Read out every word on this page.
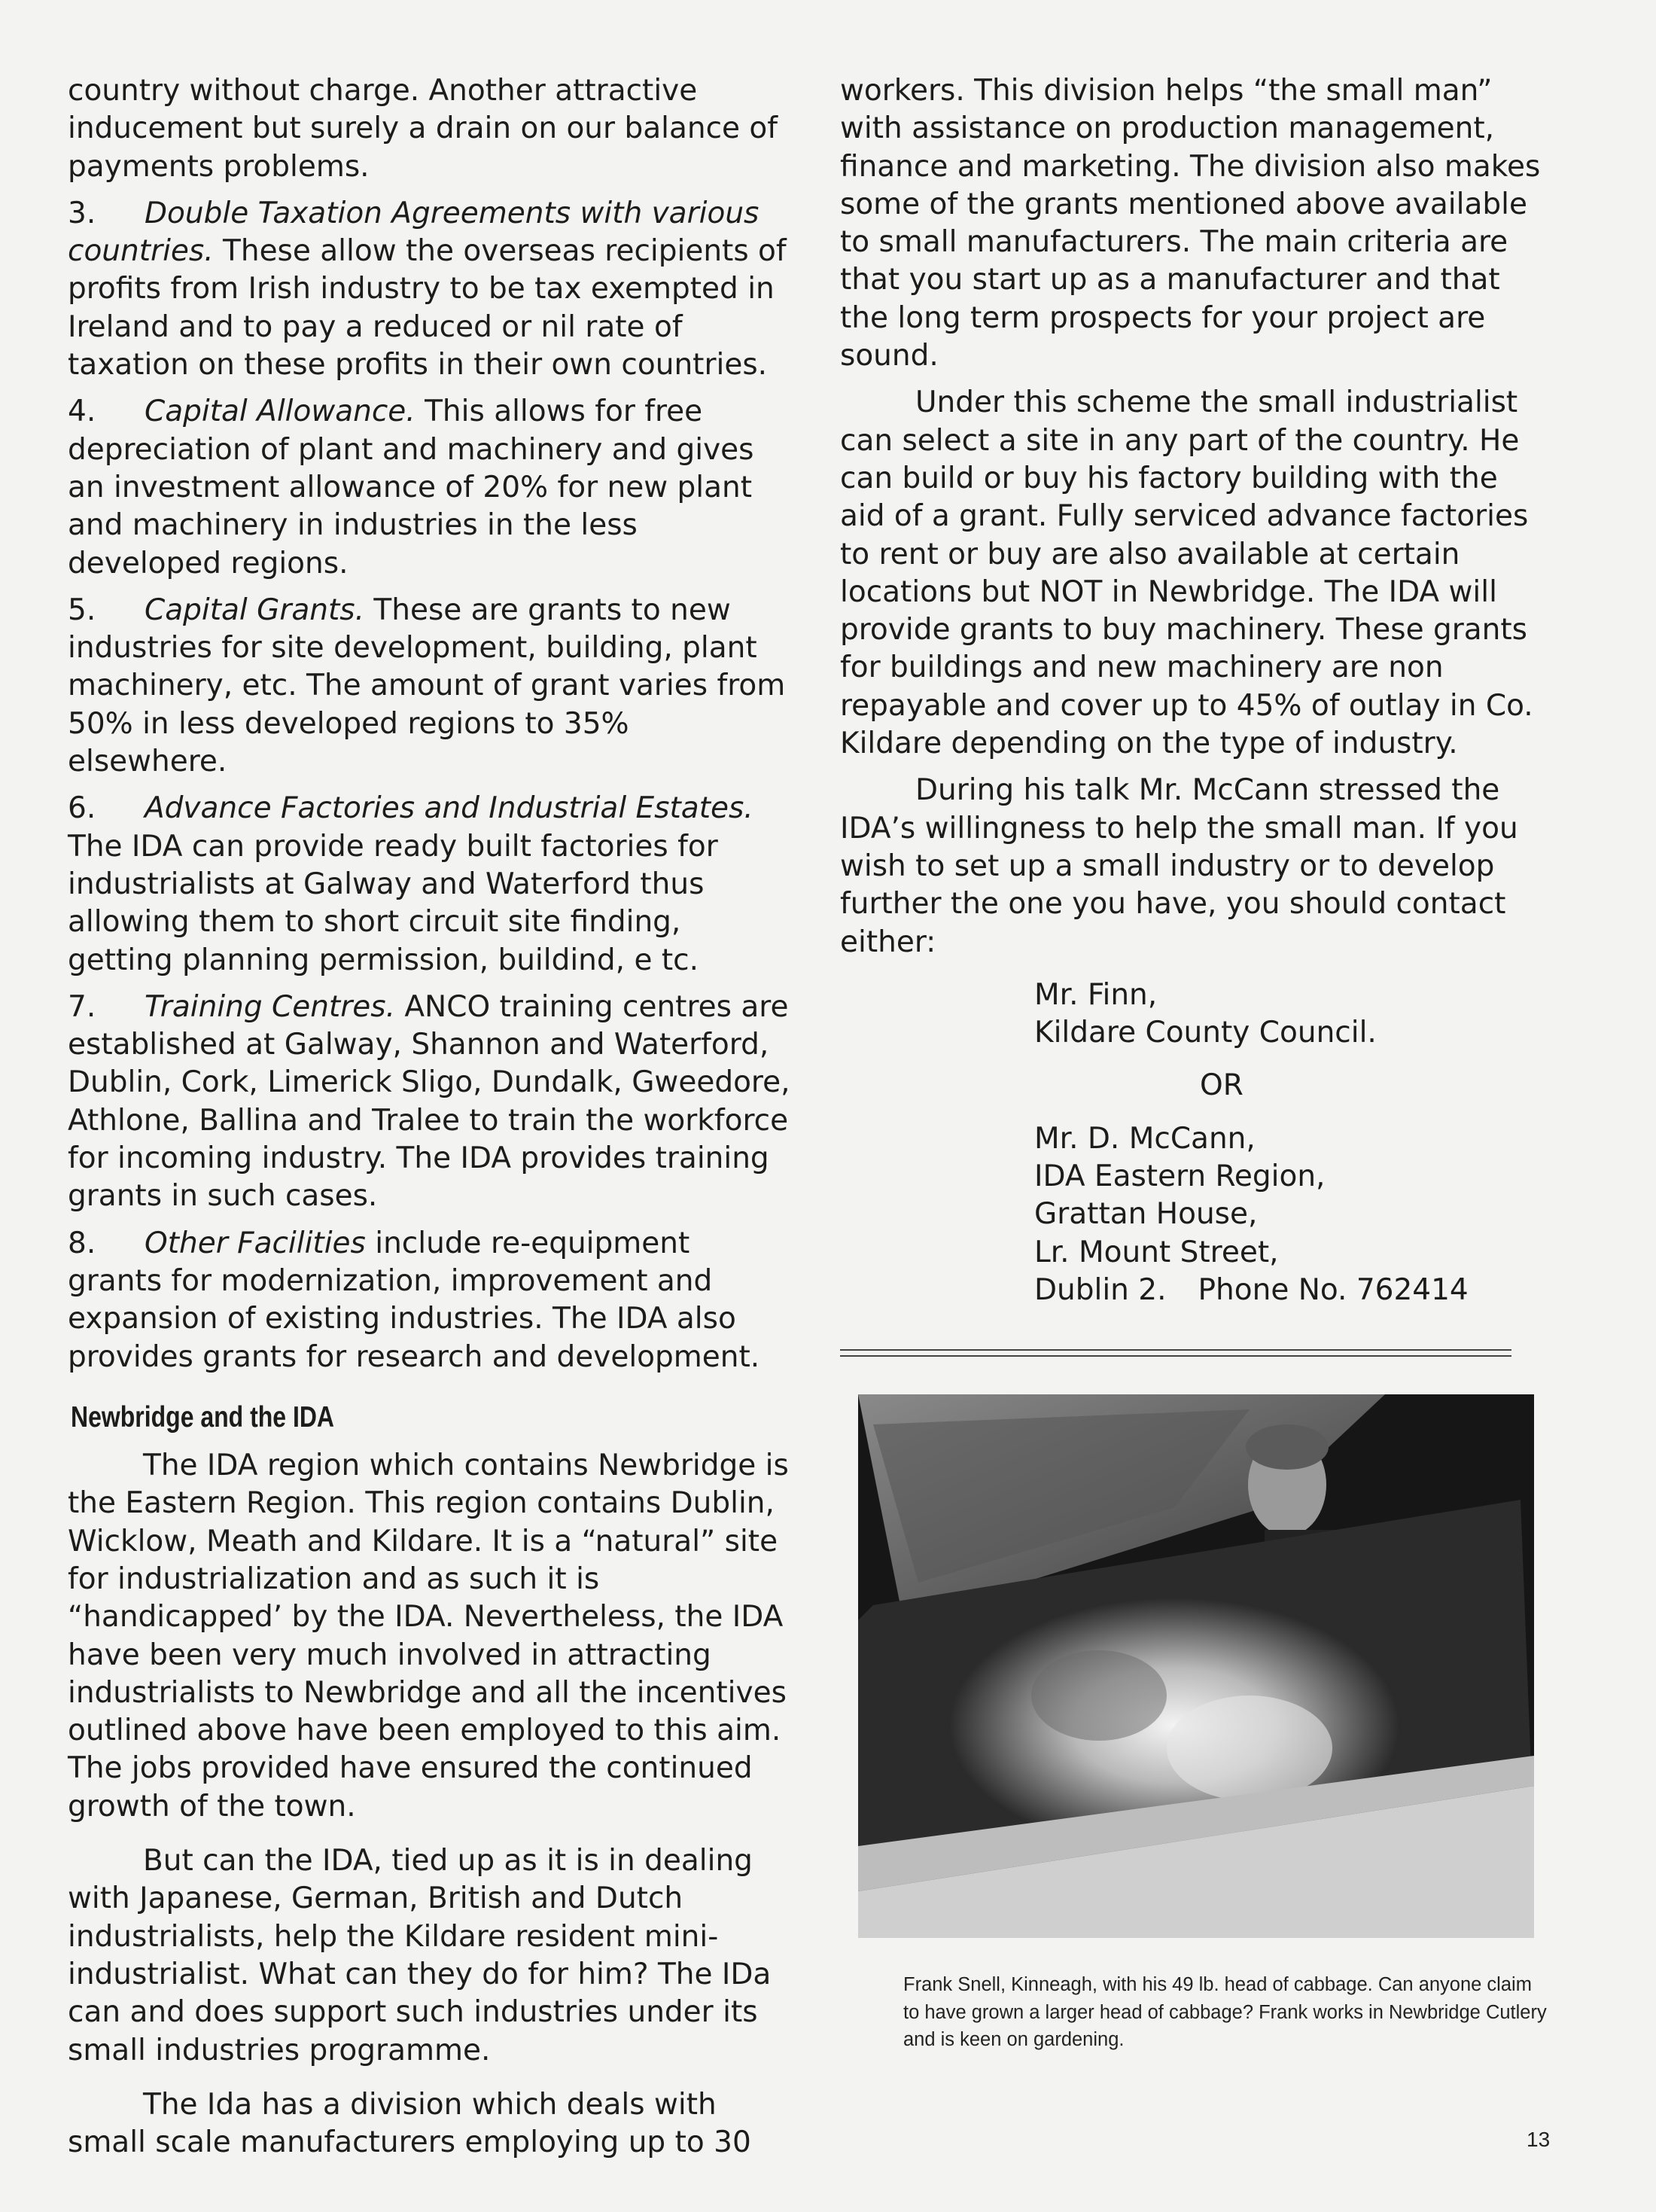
country without charge. Another attractive inducement but surely a drain on our balance of payments problems.

3. Double Taxation Agreements with various countries. These allow the overseas recipients of profits from Irish industry to be tax exempted in Ireland and to pay a reduced or nil rate of taxation on these profits in their own countries.

4. Capital Allowance. This allows for free depreciation of plant and machinery and gives an investment allowance of 20% for new plant and machinery in industries in the less developed regions.

5. Capital Grants. These are grants to new industries for site development, building, plant machinery, etc. The amount of grant varies from 50% in less developed regions to 35% elsewhere.

6. Advance Factories and Industrial Estates. The IDA can provide ready built factories for industrialists at Galway and Waterford thus allowing them to short circuit site finding, getting planning permission, buildind, e tc.

7. Training Centres. ANCO training centres are established at Galway, Shannon and Waterford, Dublin, Cork, Limerick Sligo, Dundalk, Gweedore, Athlone, Ballina and Tralee to train the workforce for incoming industry. The IDA provides training grants in such cases.

8. Other Facilities include re-equipment grants for modernization, improvement and expansion of existing industries. The IDA also provides grants for research and development.

Newbridge and the IDA

The IDA region which contains Newbridge is the Eastern Region. This region contains Dublin, Wicklow, Meath and Kildare. It is a “natural” site for industrialization and as such it is “handicapped’ by the IDA. Nevertheless, the IDA have been very much involved in attracting industrialists to Newbridge and all the incentives outlined above have been employed to this aim. The jobs provided have ensured the continued growth of the town.

But can the IDA, tied up as it is in dealing with Japanese, German, British and Dutch industrialists, help the Kildare resident mini-industrialist. What can they do for him? The IDa can and does support such industries under its small industries programme.

The Ida has a division which deals with small scale manufacturers employing up to 30

workers. This division helps “the small man” with assistance on production management, finance and marketing. The division also makes some of the grants mentioned above available to small manufacturers. The main criteria are that you start up as a manufacturer and that the long term prospects for your project are sound.

Under this scheme the small industrialist can select a site in any part of the country. He can build or buy his factory building with the aid of a grant. Fully serviced advance factories to rent or buy are also available at certain locations but NOT in Newbridge. The IDA will provide grants to buy machinery. These grants for buildings and new machinery are non repayable and cover up to 45% of outlay in Co. Kildare depending on the type of industry.

During his talk Mr. McCann stressed the IDA’s willingness to help the small man. If you wish to set up a small industry or to develop further the one you have, you should contact either:

Mr. Finn,
Kildare County Council.
OR
Mr. D. McCann,
IDA Eastern Region,
Grattan House,
Lr. Mount Street,
Dublin 2. Phone No. 762414
Frank Snell, Kinneagh, with his 49 lb. head of cabbage. Can anyone claim to have grown a larger head of cabbage? Frank works in Newbridge Cutlery and is keen on gardening.
13
